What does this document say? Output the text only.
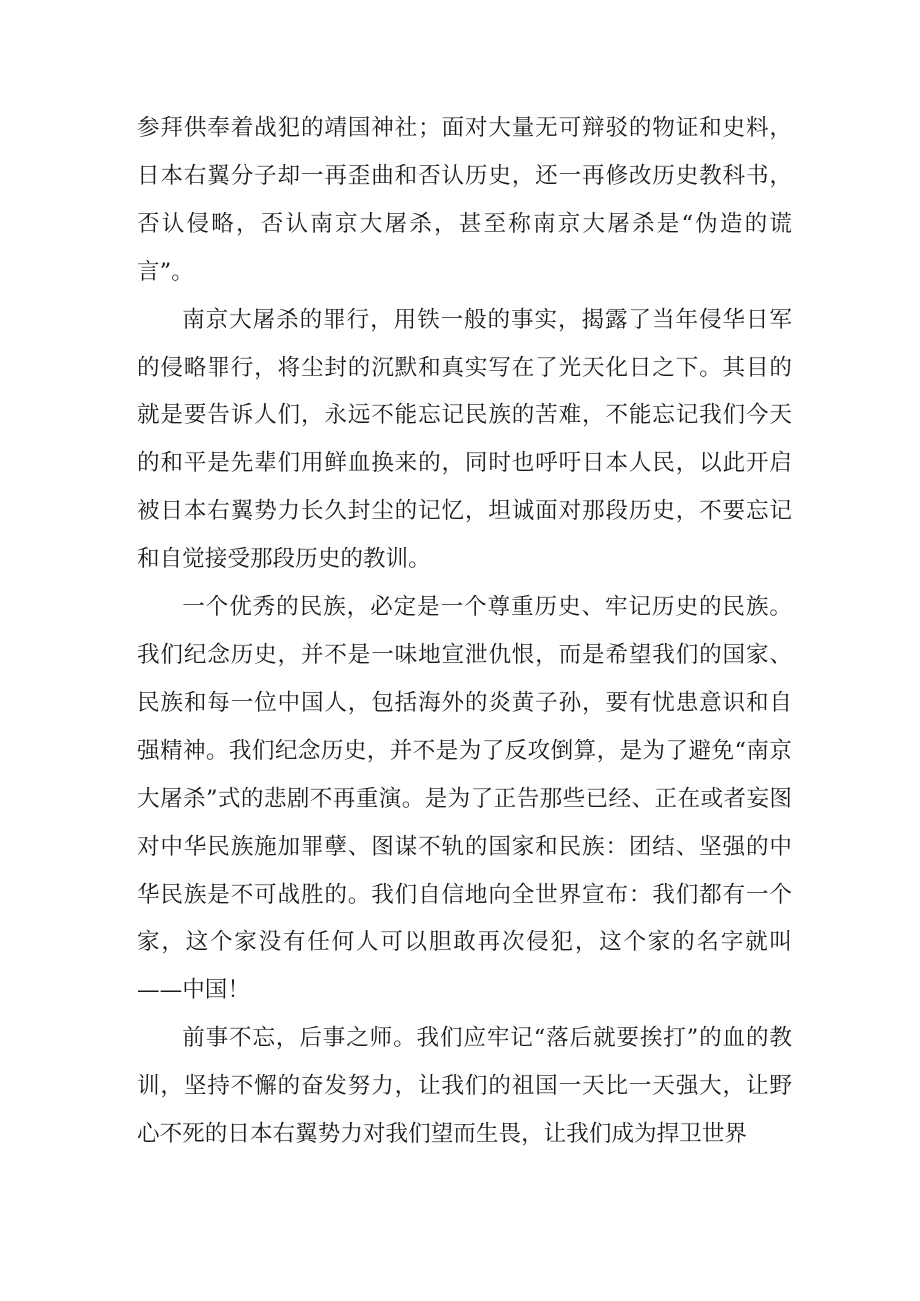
参拜供奉着战犯的靖国神社；面对大量无可辩驳的物证和史料，日本右翼分子却一再歪曲和否认历史，还一再修改历史教科书，否认侵略，否认南京大屠杀，甚至称南京大屠杀是“伪造的谎言”。

南京大屠杀的罪行，用铁一般的事实，揭露了当年侵华日军的侵略罪行，将尘封的沉默和真实写在了光天化日之下。其目的就是要告诉人们，永远不能忘记民族的苦难，不能忘记我们今天的和平是先辈们用鲜血换来的，同时也呼吁日本人民，以此开启被日本右翼势力长久封尘的记忆，坦诚面对那段历史，不要忘记和自觉接受那段历史的教训。

一个优秀的民族，必定是一个尊重历史、牢记历史的民族。我们纪念历史，并不是一味地宣泄仇恨，而是希望我们的国家、民族和每一位中国人，包括海外的炎黄子孙，要有忧患意识和自强精神。我们纪念历史，并不是为了反攻倒算，是为了避免“南京大屠杀”式的悲剧不再重演。是为了正告那些已经、正在或者妄图对中华民族施加罪孽、图谋不轨的国家和民族：团结、坚强的中华民族是不可战胜的。我们自信地向全世界宣布：我们都有一个家，这个家没有任何人可以胆敢再次侵犯，这个家的名字就叫——中国！

前事不忘，后事之师。我们应牢记“落后就要挨打”的血的教训，坚持不懈的奋发努力，让我们的祖国一天比一天强大，让野心不死的日本右翼势力对我们望而生畏，让我们成为捍卫世界
